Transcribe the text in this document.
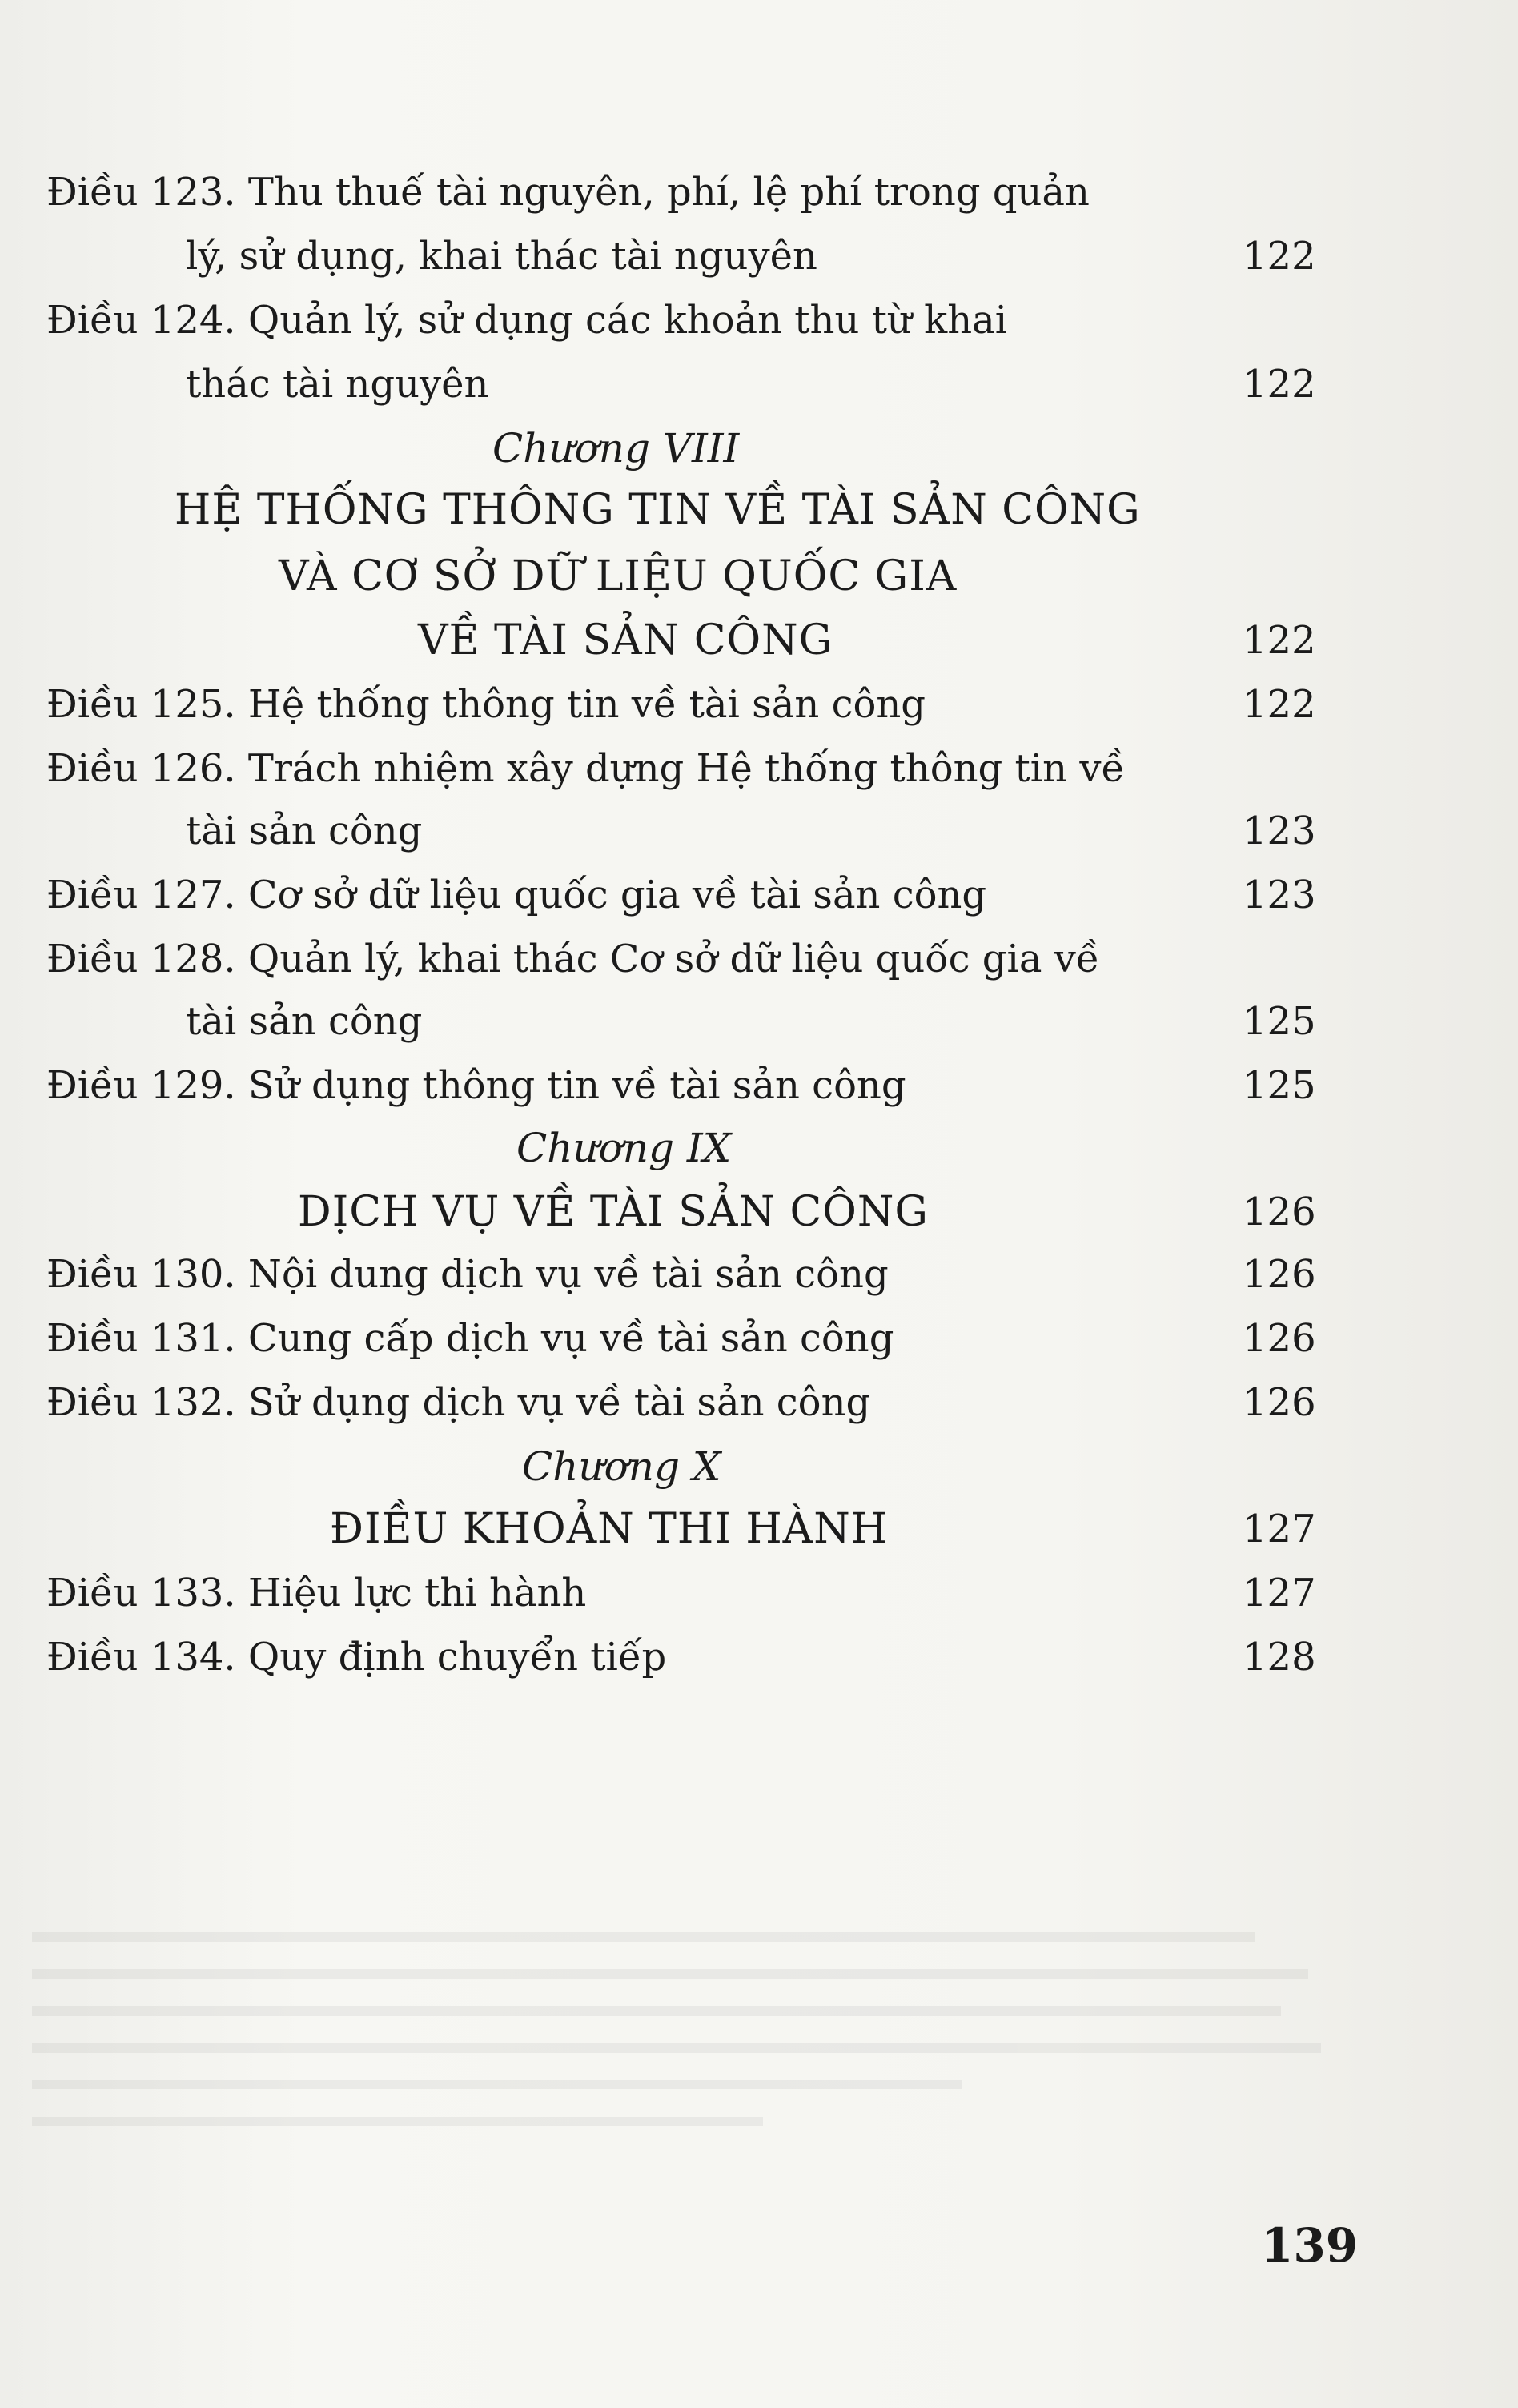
Điều 123. Thu thuế tài nguyên, phí, lệ phí trong quản
lý, sử dụng, khai thác tài nguyên	122
Điều 124. Quản lý, sử dụng các khoản thu từ khai
thác tài nguyên	122
Chương VIII
HỆ THỐNG THÔNG TIN VỀ TÀI SẢN CÔNG
VÀ CƠ SỞ DỮ LIỆU QUỐC GIA
VỀ TÀI SẢN CÔNG	122
Điều 125. Hệ thống thông tin về tài sản công	122
Điều 126. Trách nhiệm xây dựng Hệ thống thông tin về
tài sản công	123
Điều 127. Cơ sở dữ liệu quốc gia về tài sản công	123
Điều 128. Quản lý, khai thác Cơ sở dữ liệu quốc gia về
tài sản công	125
Điều 129. Sử dụng thông tin về tài sản công	125
Chương IX
DỊCH VỤ VỀ TÀI SẢN CÔNG	126
Điều 130. Nội dung dịch vụ về tài sản công	126
Điều 131. Cung cấp dịch vụ về tài sản công	126
Điều 132. Sử dụng dịch vụ về tài sản công	126
Chương X
ĐIỀU KHOẢN THI HÀNH	127
Điều 133. Hiệu lực thi hành	127
Điều 134. Quy định chuyển tiếp	128
139
